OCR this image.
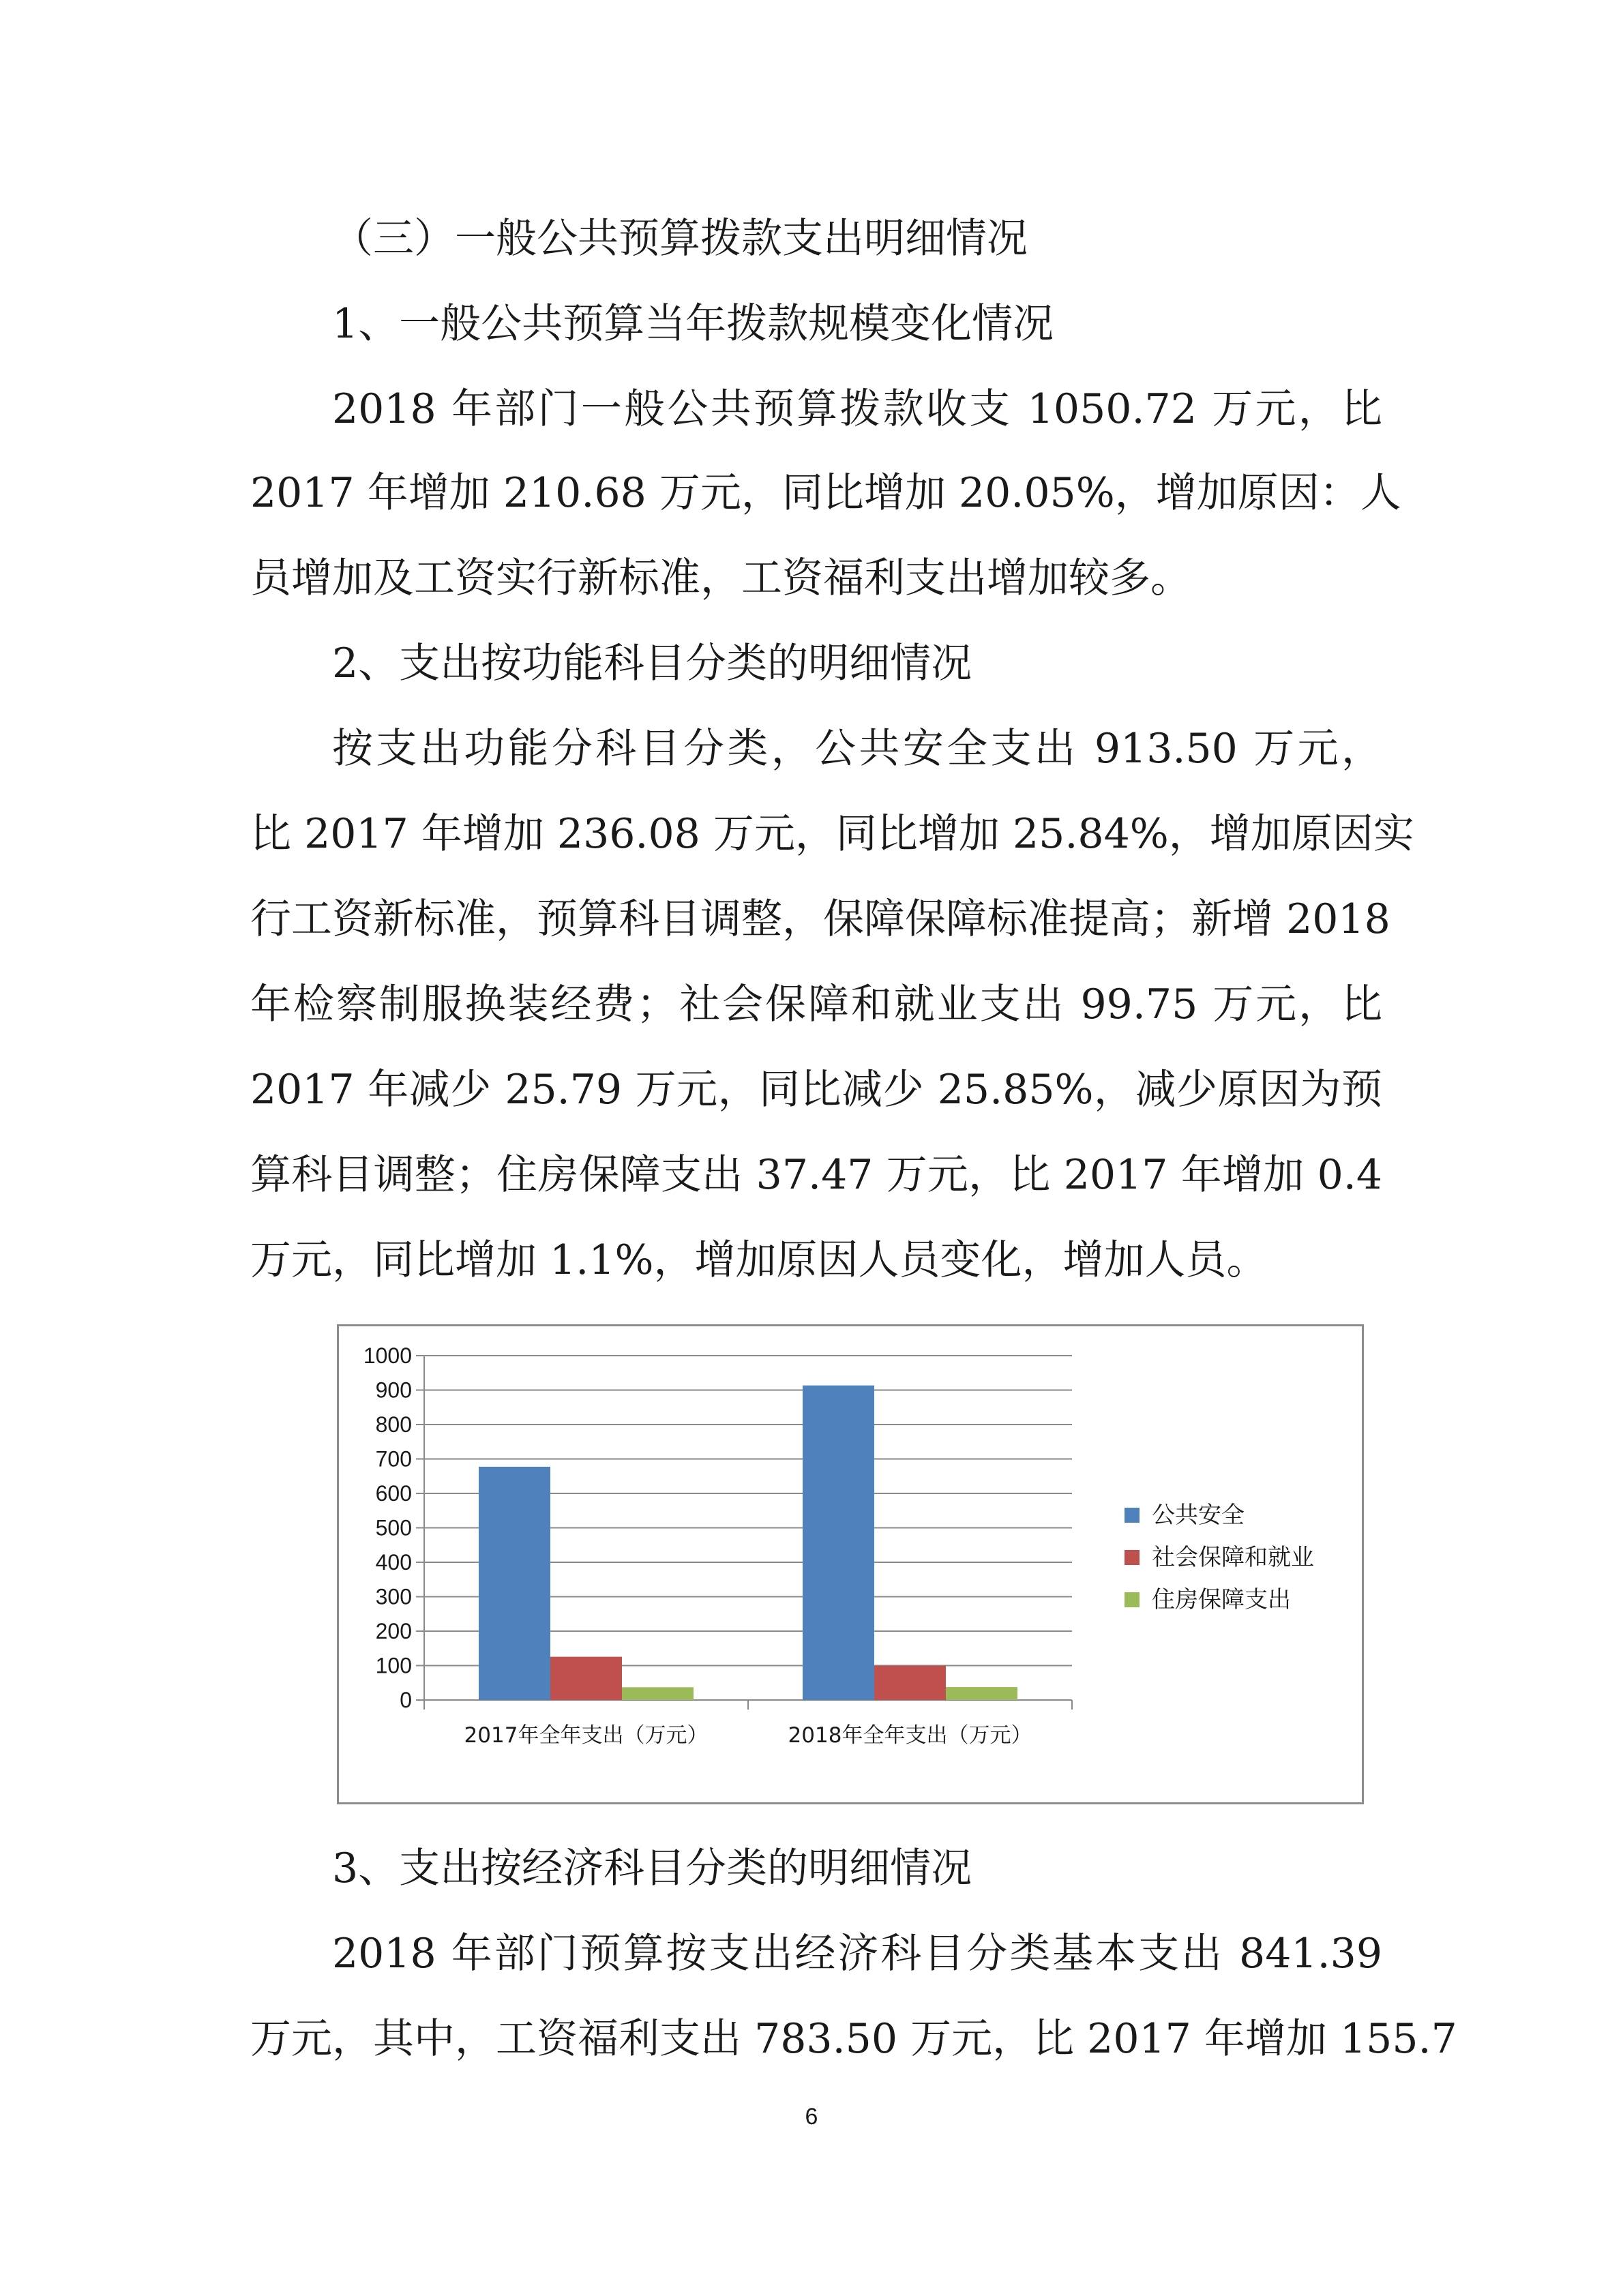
（三）一般公共预算拨款支出明细情况
1、一般公共预算当年拨款规模变化情况
2018 年部门一般公共预算拨款收支 1050.72 万元，比
2017 年增加 210.68 万元，同比增加 20.05%，增加原因：人
员增加及工资实行新标准，工资福利支出增加较多。
2、支出按功能科目分类的明细情况
按支出功能分科目分类，公共安全支出 913.50 万元，
比 2017 年增加 236.08 万元，同比增加 25.84%，增加原因实
行工资新标准，预算科目调整，保障保障标准提高；新增 2018
年检察制服换装经费；社会保障和就业支出 99.75 万元，比
2017 年减少 25.79 万元，同比减少 25.85%，减少原因为预
算科目调整；住房保障支出 37.47 万元，比 2017 年增加 0.4
万元，同比增加 1.1%，增加原因人员变化，增加人员。
3、支出按经济科目分类的明细情况
2018 年部门预算按支出经济科目分类基本支出 841.39
万元，其中，工资福利支出 783.50 万元，比 2017 年增加 155.7
0
100
200
300
400
500
600
700
800
900
1000
2017年全年支出（万元）	2018年全年支出（万元）
公共安全
社会保障和就业
住房保障支出
6
